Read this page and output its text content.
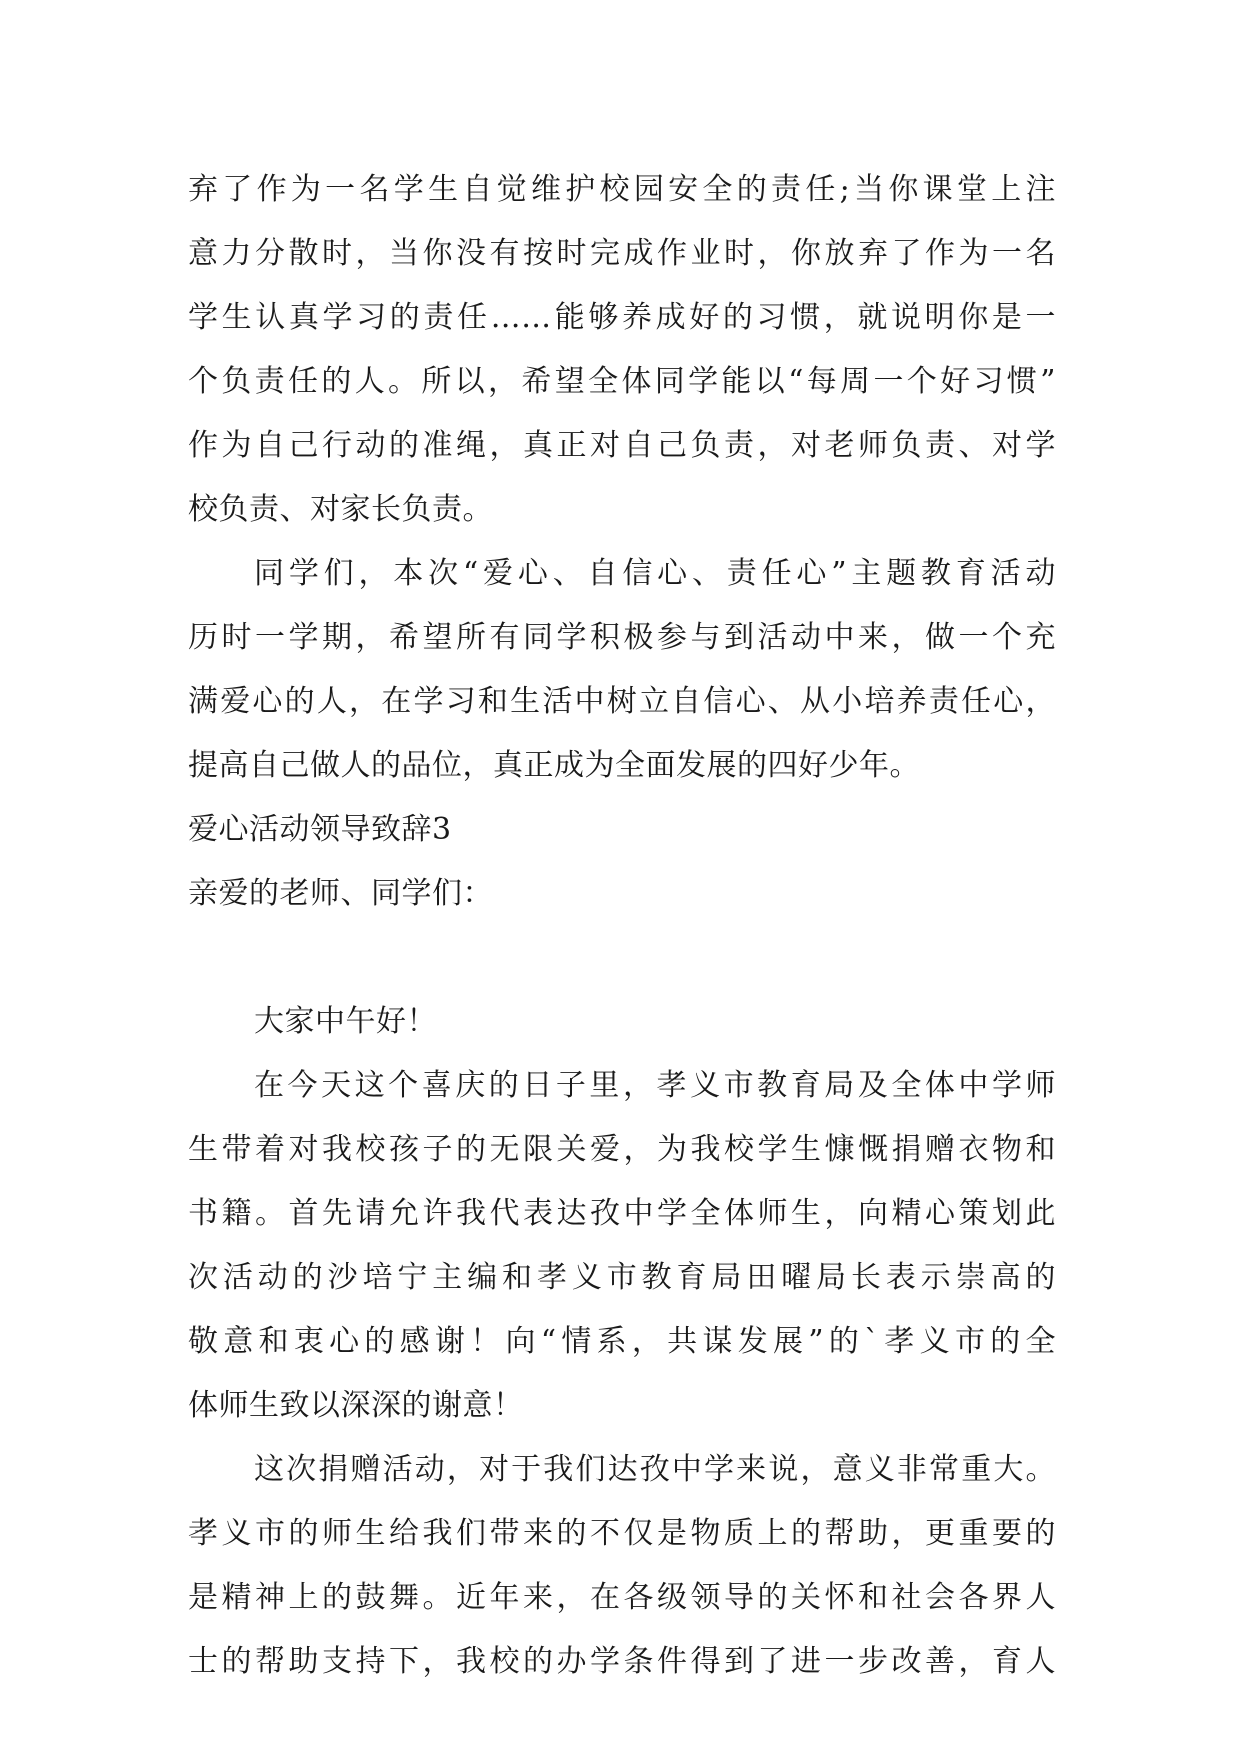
弃了作为一名学生自觉维护校园安全的责任;当你课堂上注
意力分散时，当你没有按时完成作业时，你放弃了作为一名
学生认真学习的责任……能够养成好的习惯，就说明你是一
个负责任的人。所以，希望全体同学能以“每周一个好习惯”
作为自己行动的准绳，真正对自己负责，对老师负责、对学
校负责、对家长负责。
同学们，本次“爱心、自信心、责任心”主题教育活动
历时一学期，希望所有同学积极参与到活动中来，做一个充
满爱心的人，在学习和生活中树立自信心、从小培养责任心，
提高自己做人的品位，真正成为全面发展的四好少年。
爱心活动领导致辞3
亲爱的老师、同学们：
大家中午好！
在今天这个喜庆的日子里，孝义市教育局及全体中学师
生带着对我校孩子的无限关爱，为我校学生慷慨捐赠衣物和
书籍。首先请允许我代表达孜中学全体师生，向精心策划此
次活动的沙培宁主编和孝义市教育局田曜局长表示崇高的
敬意和衷心的感谢！向“情系，共谋发展”的`孝义市的全
体师生致以深深的谢意！
这次捐赠活动，对于我们达孜中学来说，意义非常重大。
孝义市的师生给我们带来的不仅是物质上的帮助，更重要的
是精神上的鼓舞。近年来，在各级领导的关怀和社会各界人
士的帮助支持下，我校的办学条件得到了进一步改善，育人
